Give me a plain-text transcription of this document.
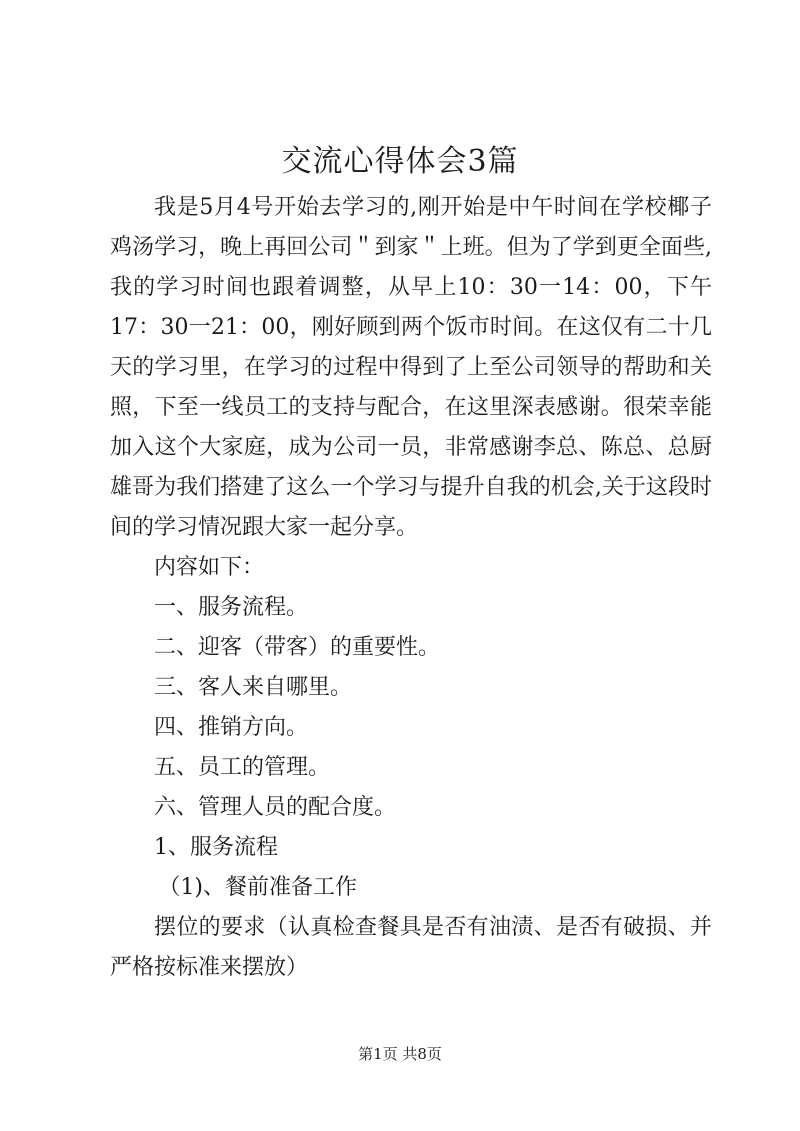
交流心得体会3篇

我是5月4号开始去学习的,刚开始是中午时间在学校椰子鸡汤学习，晚上再回公司＂到家＂上班。但为了学到更全面些,我的学习时间也跟着调整，从早上10：30一14：00，下午17：30一21：00，刚好顾到两个饭市时间。在这仅有二十几天的学习里，在学习的过程中得到了上至公司领导的帮助和关照，下至一线员工的支持与配合，在这里深表感谢。很荣幸能加入这个大家庭，成为公司一员，非常感谢李总、陈总、总厨雄哥为我们搭建了这么一个学习与提升自我的机会,关于这段时间的学习情况跟大家一起分享。

内容如下：

一、服务流程。

二、迎客（带客）的重要性。

三、客人来自哪里。

四、推销方向。

五、员工的管理。

六、管理人员的配合度。

1、服务流程

（1)、餐前准备工作

摆位的要求（认真检查餐具是否有油渍、是否有破损、并严格按标准来摆放）

第1页 共8页
